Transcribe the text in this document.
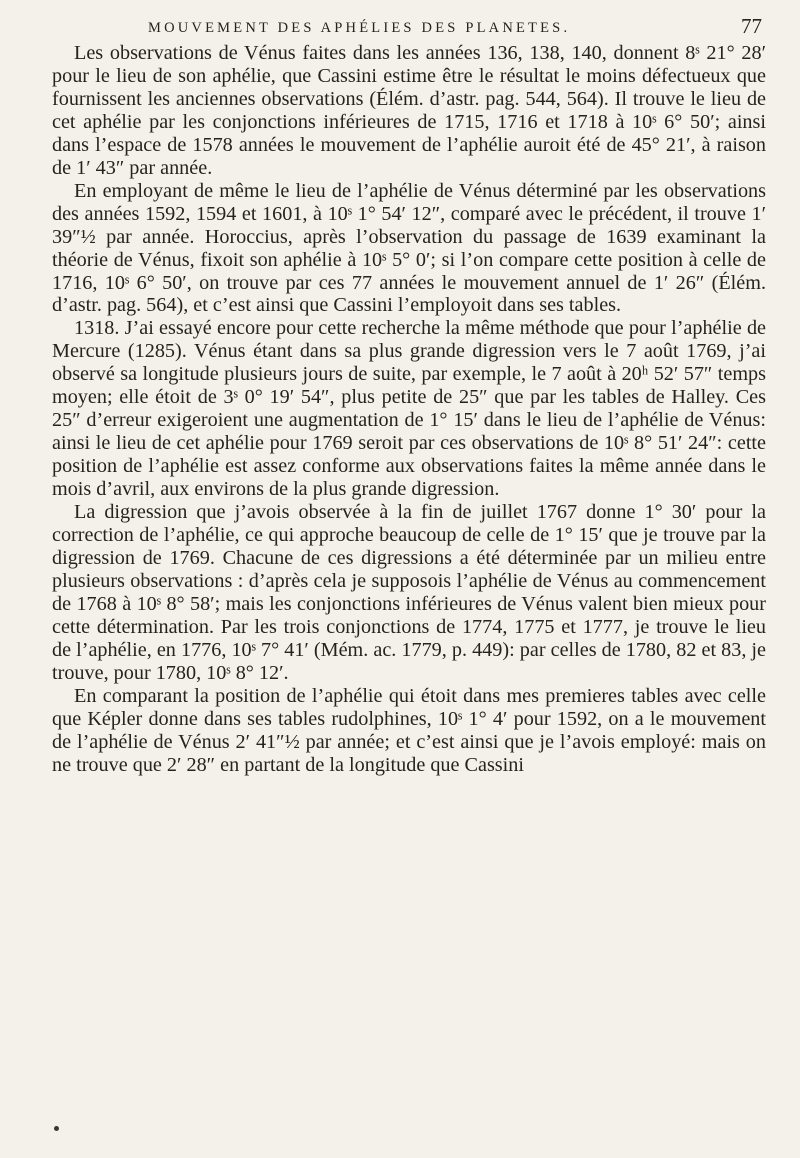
MOUVEMENT DES APHÉLIES DES PLANETES.	77

Les observations de Vénus faites dans les années 136, 138, 140, donnent 8ˢ 21° 28′ pour le lieu de son aphélie, que Cassini estime être le résultat le moins défectueux que fournissent les anciennes observations (Élém. d’astr. pag. 544, 564). Il trouve le lieu de cet aphélie par les conjonctions inférieures de 1715, 1716 et 1718 à 10ˢ 6° 50′; ainsi dans l’espace de 1578 années le mouvement de l’aphélie auroit été de 45° 21′, à raison de 1′ 43″ par année.

En employant de même le lieu de l’aphélie de Vénus déterminé par les observations des années 1592, 1594 et 1601, à 10ˢ 1° 54′ 12″, comparé avec le précédent, il trouve 1′ 39″½ par année. Horoccius, après l’observation du passage de 1639 examinant la théorie de Vénus, fixoit son aphélie à 10ˢ 5° 0′; si l’on compare cette position à celle de 1716, 10ˢ 6° 50′, on trouve par ces 77 années le mouvement annuel de 1′ 26″ (Élém. d’astr. pag. 564), et c’est ainsi que Cassini l’employoit dans ses tables.

1318. J’ai essayé encore pour cette recherche la même méthode que pour l’aphélie de Mercure (1285). Vénus étant dans sa plus grande digression vers le 7 août 1769, j’ai observé sa longitude plusieurs jours de suite, par exemple, le 7 août à 20ʰ 52′ 57″ temps moyen; elle étoit de 3ˢ 0° 19′ 54″, plus petite de 25″ que par les tables de Halley. Ces 25″ d’erreur exigeroient une augmentation de 1° 15′ dans le lieu de l’aphélie de Vénus: ainsi le lieu de cet aphélie pour 1769 seroit par ces observations de 10ˢ 8° 51′ 24″: cette position de l’aphélie est assez conforme aux observations faites la même année dans le mois d’avril, aux environs de la plus grande digression.

La digression que j’avois observée à la fin de juillet 1767 donne 1° 30′ pour la correction de l’aphélie, ce qui approche beaucoup de celle de 1° 15′ que je trouve par la digression de 1769. Chacune de ces digressions a été déterminée par un milieu entre plusieurs observations : d’après cela je supposois l’aphélie de Vénus au commencement de 1768 à 10ˢ 8° 58′; mais les conjonctions inférieures de Vénus valent bien mieux pour cette détermination. Par les trois conjonctions de 1774, 1775 et 1777, je trouve le lieu de l’aphélie, en 1776, 10ˢ 7° 41′ (Mém. ac. 1779, p. 449): par celles de 1780, 82 et 83, je trouve, pour 1780, 10ˢ 8° 12′.

En comparant la position de l’aphélie qui étoit dans mes premieres tables avec celle que Képler donne dans ses tables rudolphines, 10ˢ 1° 4′ pour 1592, on a le mouvement de l’aphélie de Vénus 2′ 41″½ par année; et c’est ainsi que je l’avois employé: mais on ne trouve que 2′ 28″ en partant de la longitude que Cassini
